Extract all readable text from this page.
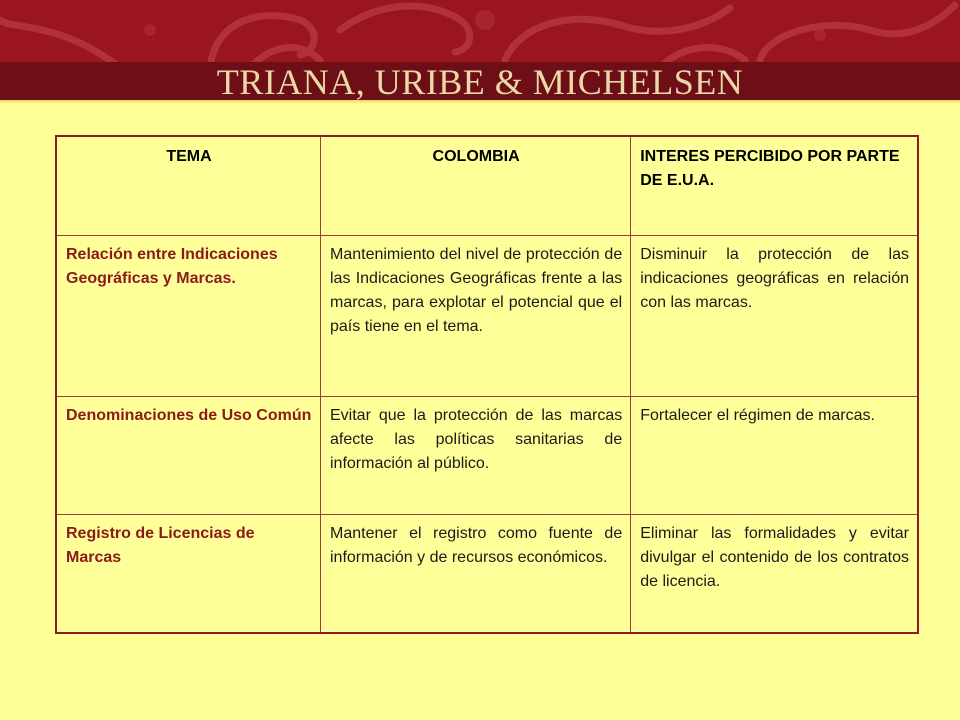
TRIANA, URIBE & MICHELSEN
TEMA	COLOMBIA	INTERES PERCIBIDO POR PARTE DE E.U.A.
Relación entre Indicaciones Geográficas y Marcas.	Mantenimiento del nivel de protección de las Indicaciones Geográficas frente a las marcas, para explotar el potencial que el país tiene en el tema.	Disminuir la protección de las indicaciones geográficas en relación con las marcas.
Denominaciones de Uso Común	Evitar que la protección de las marcas afecte las políticas sanitarias de información al público.	Fortalecer el régimen de marcas.
Registro de Licencias de Marcas	Mantener el registro como fuente de información y de recursos económicos.	Eliminar las formalidades y evitar divulgar el contenido de los contratos de licencia.
